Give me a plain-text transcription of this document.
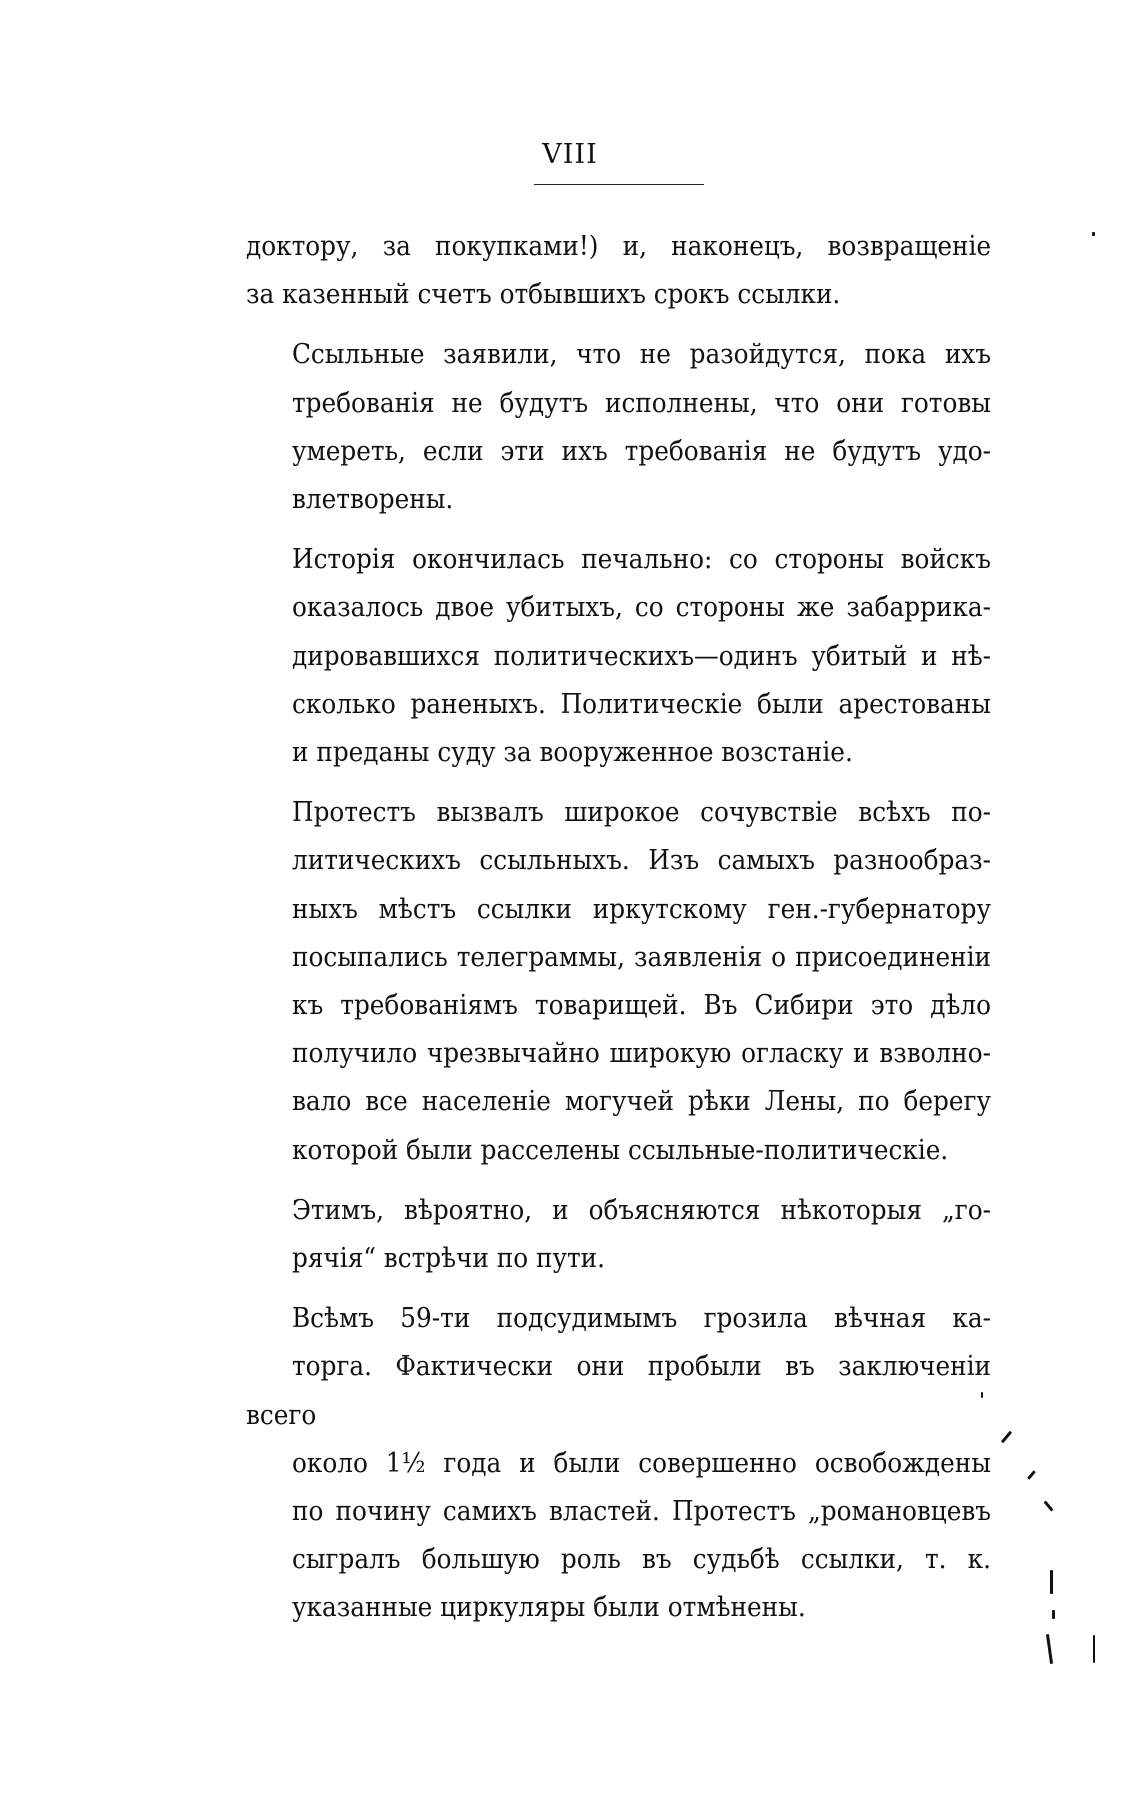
VIII

доктору, за покупками!) и, наконецъ, возвращеніе
за казенный счетъ отбывшихъ срокъ ссылки.

Ссыльные заявили, что не разойдутся, пока ихъ
требованія не будутъ исполнены, что они готовы
умереть, если эти ихъ требованія не будутъ удо-
влетворены.

Исторія окончилась печально: со стороны войскъ
оказалось двое убитыхъ, со стороны же забаррика-
дировавшихся политическихъ—одинъ убитый и нѣ-
сколько раненыхъ. Политическіе были арестованы
и преданы суду за вооруженное возстаніе.

Протестъ вызвалъ широкое сочувствіе всѣхъ по-
литическихъ ссыльныхъ. Изъ самыхъ разнообраз-
ныхъ мѣстъ ссылки иркутскому ген.-губернатору
посыпались телеграммы, заявленія о присоединеніи
къ требованіямъ товарищей. Въ Сибири это дѣло
получило чрезвычайно широкую огласку и взволно-
вало все населеніе могучей рѣки Лены, по берегу
которой были расселены ссыльные-политическіе.

Этимъ, вѣроятно, и объясняются нѣкоторыя „го-
рячія“ встрѣчи по пути.

Всѣмъ 59-ти подсудимымъ грозила вѣчная ка-
торга. Фактически они пробыли въ заключеніи всего
около 1½ года и были совершенно освобождены
по почину самихъ властей. Протестъ „романовцевъ
сыгралъ большую роль въ судьбѣ ссылки, т. к.
указанные циркуляры были отмѣнены.
